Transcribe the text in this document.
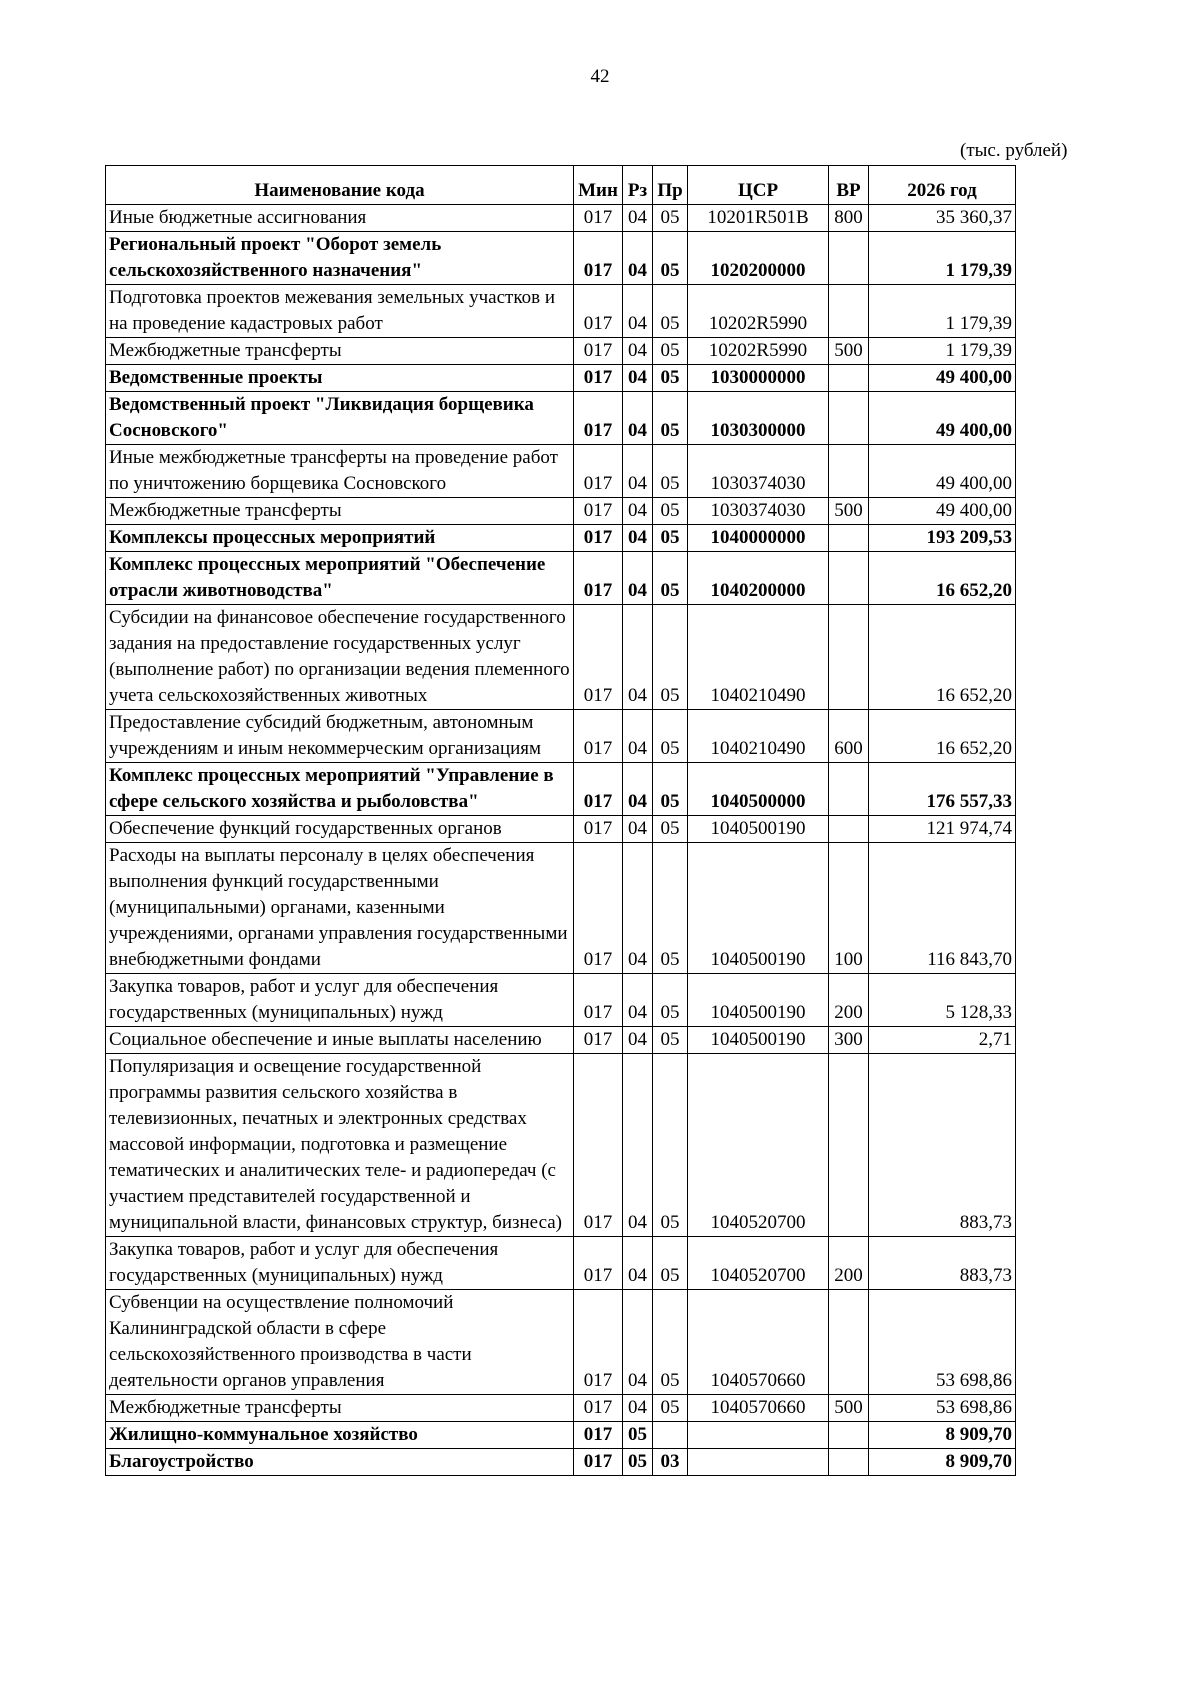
42
(тыс. рублей)
Наименование кода	Мин	Рз	Пр	ЦСР	ВР	2026 год
Иные бюджетные ассигнования	017	04	05	10201R501B	800	35 360,37
Региональный проект "Оборот земель сельскохозяйственного назначения"	017	04	05	1020200000		1 179,39
Подготовка проектов межевания земельных участков и на проведение кадастровых работ	017	04	05	10202R5990		1 179,39
Межбюджетные трансферты	017	04	05	10202R5990	500	1 179,39
Ведомственные проекты	017	04	05	1030000000		49 400,00
Ведомственный проект "Ликвидация борщевика Сосновского"	017	04	05	1030300000		49 400,00
Иные межбюджетные трансферты на проведение работ по уничтожению борщевика Сосновского	017	04	05	1030374030		49 400,00
Межбюджетные трансферты	017	04	05	1030374030	500	49 400,00
Комплексы процессных мероприятий	017	04	05	1040000000		193 209,53
Комплекс процессных мероприятий "Обеспечение отрасли животноводства"	017	04	05	1040200000		16 652,20
Субсидии на финансовое обеспечение государственного задания на предоставление государственных услуг (выполнение работ) по организации ведения племенного учета сельскохозяйственных животных	017	04	05	1040210490		16 652,20
Предоставление субсидий бюджетным, автономным учреждениям и иным некоммерческим организациям	017	04	05	1040210490	600	16 652,20
Комплекс процессных мероприятий "Управление в сфере сельского хозяйства и рыболовства"	017	04	05	1040500000		176 557,33
Обеспечение функций государственных органов	017	04	05	1040500190		121 974,74
Расходы на выплаты персоналу в целях обеспечения выполнения функций государственными (муниципальными) органами, казенными учреждениями, органами управления государственными внебюджетными фондами	017	04	05	1040500190	100	116 843,70
Закупка товаров, работ и услуг для обеспечения государственных (муниципальных) нужд	017	04	05	1040500190	200	5 128,33
Социальное обеспечение и иные выплаты населению	017	04	05	1040500190	300	2,71
Популяризация и освещение государственной программы развития сельского хозяйства в телевизионных, печатных и электронных средствах массовой информации, подготовка и размещение тематических и аналитических теле- и радиопередач (с участием представителей государственной и муниципальной власти, финансовых структур, бизнеса)	017	04	05	1040520700		883,73
Закупка товаров, работ и услуг для обеспечения государственных (муниципальных) нужд	017	04	05	1040520700	200	883,73
Субвенции на осуществление полномочий Калининградской области в сфере сельскохозяйственного производства в части деятельности органов управления	017	04	05	1040570660		53 698,86
Межбюджетные трансферты	017	04	05	1040570660	500	53 698,86
Жилищно-коммунальное хозяйство	017	05				8 909,70
Благоустройство	017	05	03			8 909,70
